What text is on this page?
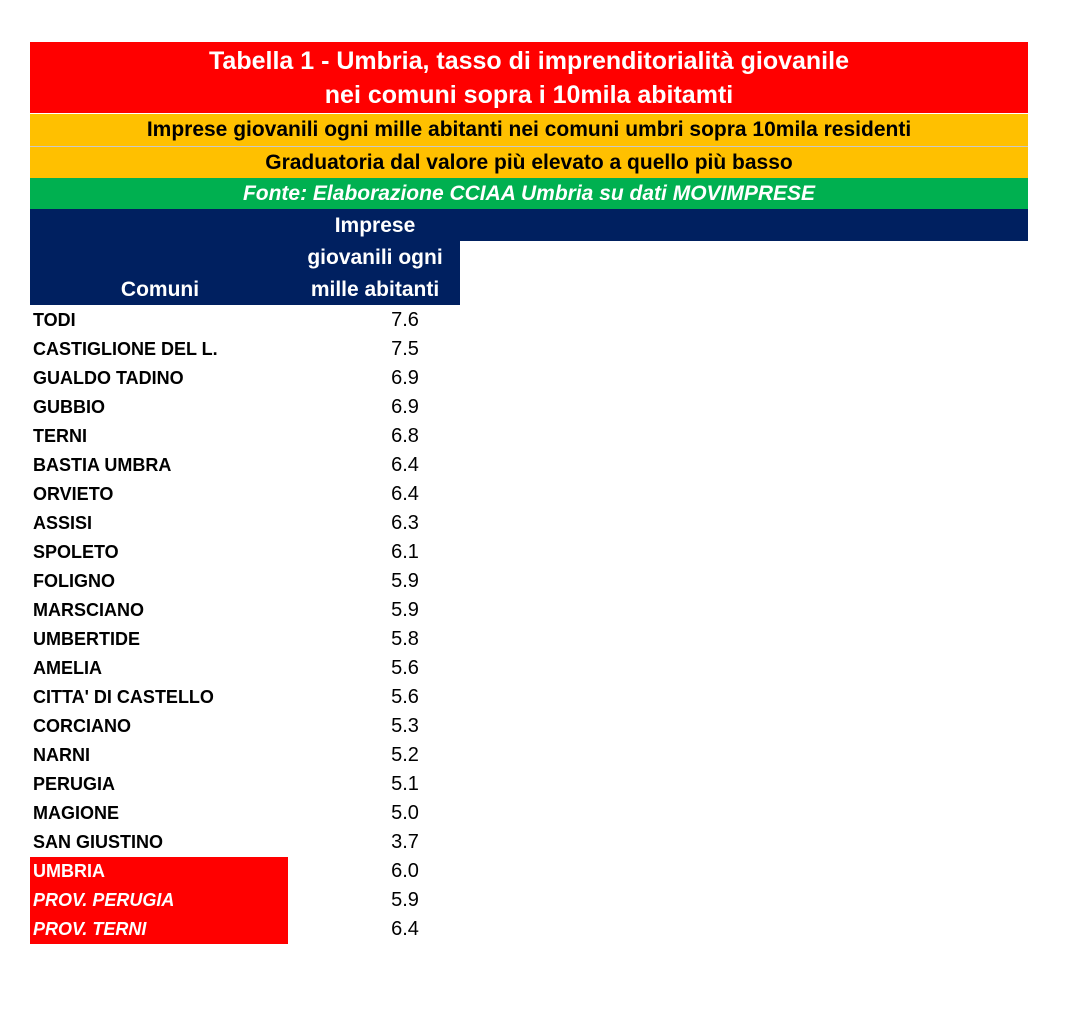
Tabella 1 - Umbria, tasso di imprenditorialità giovanile
nei comuni sopra i 10mila abitamti
Imprese giovanili ogni mille abitanti nei comuni umbri sopra 10mila residenti
Graduatoria dal valore più elevato a quello più basso
Fonte: Elaborazione CCIAA Umbria su dati MOVIMPRESE
Imprese
giovanili ogni
mille abitanti
Comuni
TODI	7.6
CASTIGLIONE DEL L.	7.5
GUALDO TADINO	6.9
GUBBIO	6.9
TERNI	6.8
BASTIA UMBRA	6.4
ORVIETO	6.4
ASSISI	6.3
SPOLETO	6.1
FOLIGNO	5.9
MARSCIANO	5.9
UMBERTIDE	5.8
AMELIA	5.6
CITTA' DI CASTELLO	5.6
CORCIANO	5.3
NARNI	5.2
PERUGIA	5.1
MAGIONE	5.0
SAN GIUSTINO	3.7
UMBRIA	6.0
PROV. PERUGIA	5.9
PROV. TERNI	6.4
